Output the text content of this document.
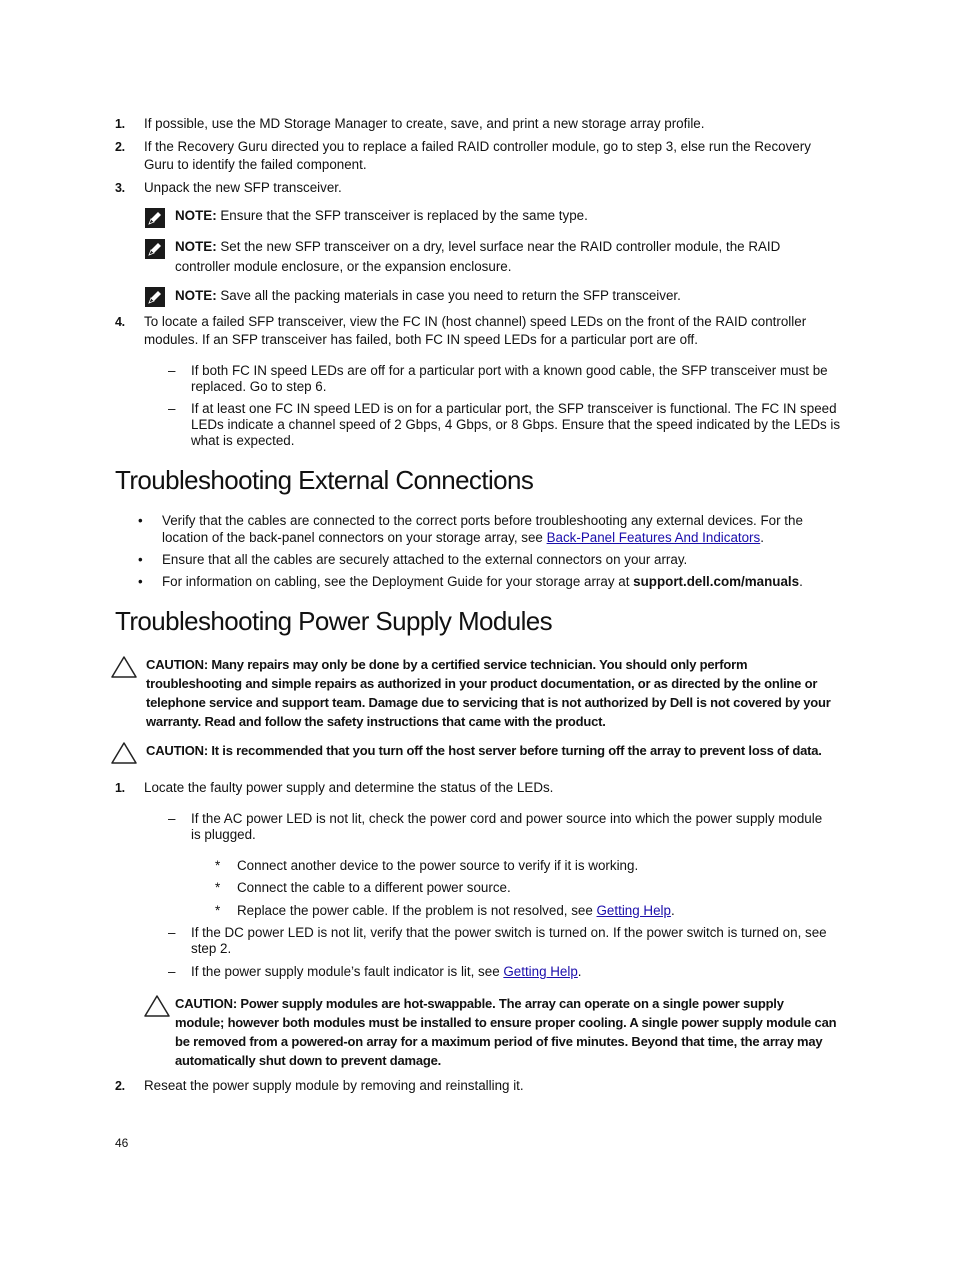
1. If possible, use the MD Storage Manager to create, save, and print a new storage array profile.
2. If the Recovery Guru directed you to replace a failed RAID controller module, go to step 3, else run the Recovery
Guru to identify the failed component.
3. Unpack the new SFP transceiver.
NOTE: Ensure that the SFP transceiver is replaced by the same type.
NOTE: Set the new SFP transceiver on a dry, level surface near the RAID controller module, the RAID
controller module enclosure, or the expansion enclosure.
NOTE: Save all the packing materials in case you need to return the SFP transceiver.
4. To locate a failed SFP transceiver, view the FC IN (host channel) speed LEDs on the front of the RAID controller
modules. If an SFP transceiver has failed, both FC IN speed LEDs for a particular port are off.
– If both FC IN speed LEDs are off for a particular port with a known good cable, the SFP transceiver must be
replaced. Go to step 6.
– If at least one FC IN speed LED is on for a particular port, the SFP transceiver is functional. The FC IN speed
LEDs indicate a channel speed of 2 Gbps, 4 Gbps, or 8 Gbps. Ensure that the speed indicated by the LEDs is
what is expected.
Troubleshooting External Connections
• Verify that the cables are connected to the correct ports before troubleshooting any external devices. For the
location of the back-panel connectors on your storage array, see Back-Panel Features And Indicators.
• Ensure that all the cables are securely attached to the external connectors on your array.
• For information on cabling, see the Deployment Guide for your storage array at support.dell.com/manuals.
Troubleshooting Power Supply Modules
CAUTION: Many repairs may only be done by a certified service technician. You should only perform
troubleshooting and simple repairs as authorized in your product documentation, or as directed by the online or
telephone service and support team. Damage due to servicing that is not authorized by Dell is not covered by your
warranty. Read and follow the safety instructions that came with the product.
CAUTION: It is recommended that you turn off the host server before turning off the array to prevent loss of data.
1. Locate the faulty power supply and determine the status of the LEDs.
– If the AC power LED is not lit, check the power cord and power source into which the power supply module
is plugged.
* Connect another device to the power source to verify if it is working.
* Connect the cable to a different power source.
* Replace the power cable. If the problem is not resolved, see Getting Help.
– If the DC power LED is not lit, verify that the power switch is turned on. If the power switch is turned on, see
step 2.
– If the power supply module’s fault indicator is lit, see Getting Help.
CAUTION: Power supply modules are hot-swappable. The array can operate on a single power supply
module; however both modules must be installed to ensure proper cooling. A single power supply module can
be removed from a powered-on array for a maximum period of five minutes. Beyond that time, the array may
automatically shut down to prevent damage.
2. Reseat the power supply module by removing and reinstalling it.
46
